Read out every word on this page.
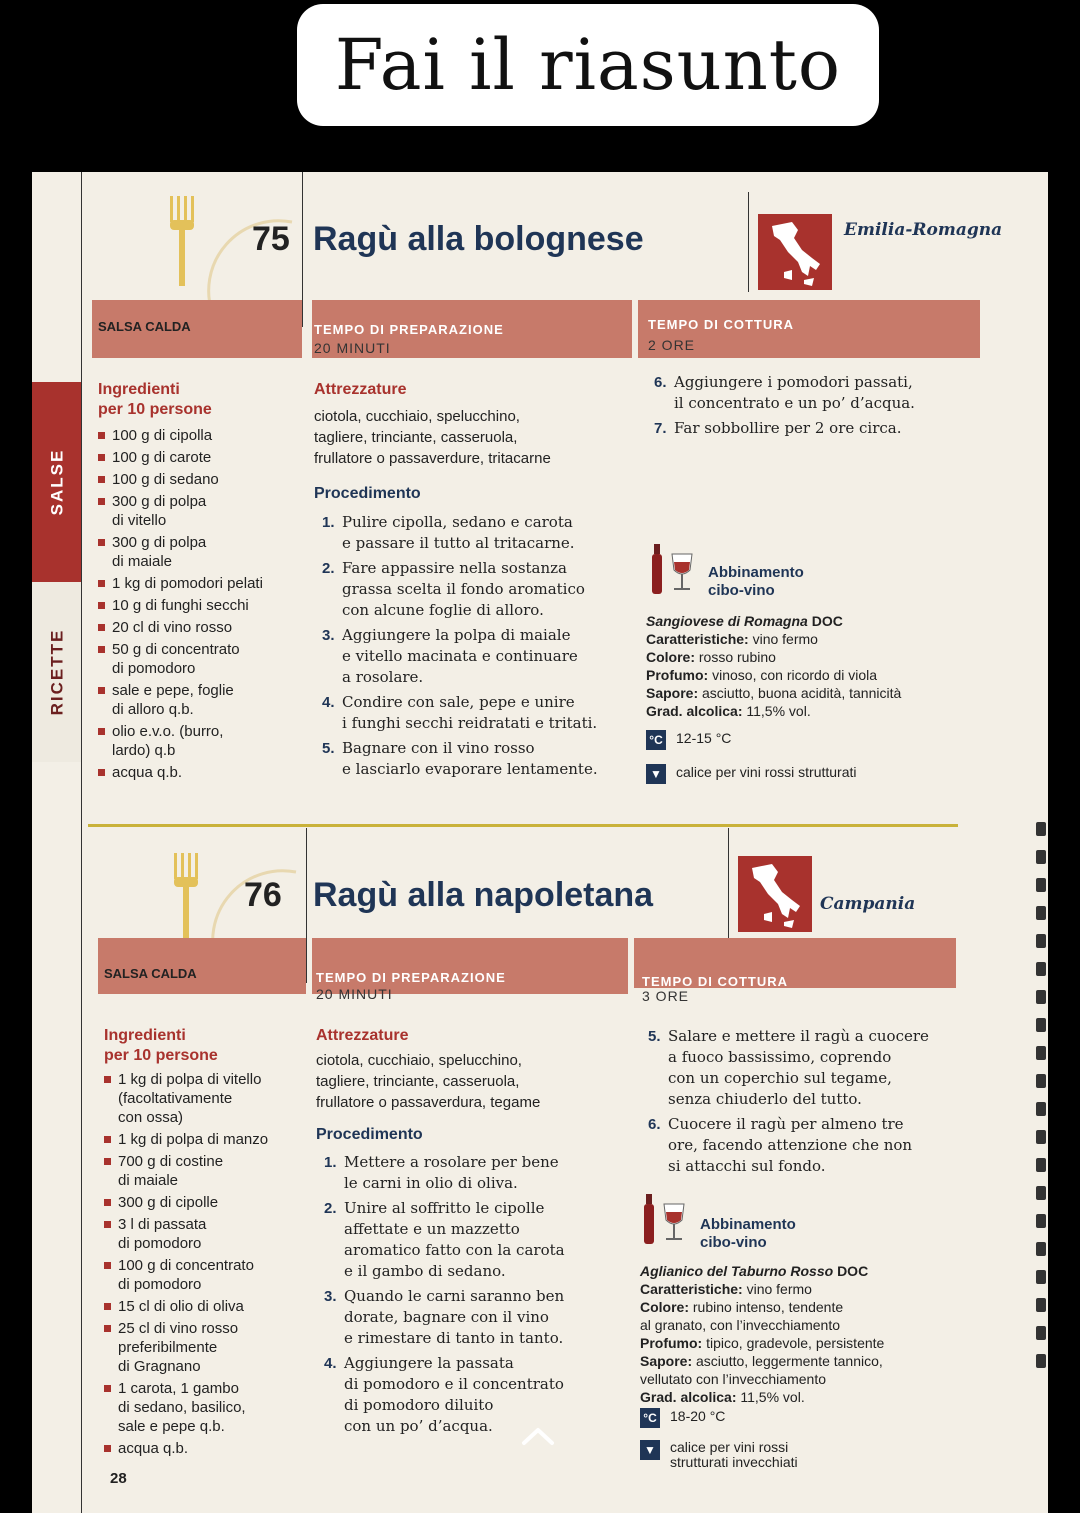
Fai il riasunto
SALSE
RICETTE
75 Ragù alla bolognese	Emilia-Romagna
SALSA CALDA	TEMPO DI PREPARAZIONE
20 MINUTI
TEMPO DI COTTURA
2 ORE
Ingredienti
per 10 persone
100 g di cipolla
100 g di carote
100 g di sedano
300 g di polpa
di vitello
300 g di polpa
di maiale
1 kg di pomodori pelati
10 g di funghi secchi
20 cl di vino rosso
50 g di concentrato
di pomodoro
sale e pepe, foglie
di alloro q.b.
olio e.v.o. (burro,
lardo) q.b
acqua q.b.
Attrezzature
ciotola, cucchiaio, spelucchino,
tagliere, trinciante, casseruola,
frullatore o passaverdure, tritacarne
Procedimento
1. Pulire cipolla, sedano e carota
e passare il tutto al tritacarne.
2. Fare appassire nella sostanza
grassa scelta il fondo aromatico
con alcune foglie di alloro.
3. Aggiungere la polpa di maiale
e vitello macinata e continuare
a rosolare.
4. Condire con sale, pepe e unire
i funghi secchi reidratati e tritati.
5. Bagnare con il vino rosso
e lasciarlo evaporare lentamente.
6. Aggiungere i pomodori passati,
il concentrato e un po’ d’acqua.
7. Far sobbollire per 2 ore circa.
Abbinamento
cibo-vino
Sangiovese di Romagna DOC
Caratteristiche: vino fermo
Colore: rosso rubino
Profumo: vinoso, con ricordo di viola
Sapore: asciutto, buona acidità, tannicità
Grad. alcolica: 11,5% vol.
°C 12-15 °C
▼ calice per vini rossi strutturati
76 Ragù alla napoletana	Campania
SALSA CALDA	TEMPO DI PREPARAZIONE
20 MINUTI
TEMPO DI COTTURA
3 ORE
Ingredienti
per 10 persone
1 kg di polpa di vitello
(facoltativamente
con ossa)
1 kg di polpa di manzo
700 g di costine
di maiale
300 g di cipolle
3 l di passata
di pomodoro
100 g di concentrato
di pomodoro
15 cl di olio di oliva
25 cl di vino rosso
preferibilmente
di Gragnano
1 carota, 1 gambo
di sedano, basilico,
sale e pepe q.b.
acqua q.b.
Attrezzature
ciotola, cucchiaio, spelucchino,
tagliere, trinciante, casseruola,
frullatore o passaverdura, tegame
Procedimento
1. Mettere a rosolare per bene
le carni in olio di oliva.
2. Unire al soffritto le cipolle
affettate e un mazzetto
aromatico fatto con la carota
e il gambo di sedano.
3. Quando le carni saranno ben
dorate, bagnare con il vino
e rimestare di tanto in tanto.
4. Aggiungere la passata
di pomodoro e il concentrato
di pomodoro diluito
con un po’ d’acqua.
5. Salare e mettere il ragù a cuocere
a fuoco bassissimo, coprendo
con un coperchio sul tegame,
senza chiuderlo del tutto.
6. Cuocere il ragù per almeno tre
ore, facendo attenzione che non
si attacchi sul fondo.
Abbinamento
cibo-vino
Aglianico del Taburno Rosso DOC
Caratteristiche: vino fermo
Colore: rubino intenso, tendente
al granato, con l’invecchiamento
Profumo: tipico, gradevole, persistente
Sapore: asciutto, leggermente tannico,
vellutato con l’invecchiamento
Grad. alcolica: 11,5% vol.
°C 18-20 °C
▼ calice per vini rossi
strutturati invecchiati
28
